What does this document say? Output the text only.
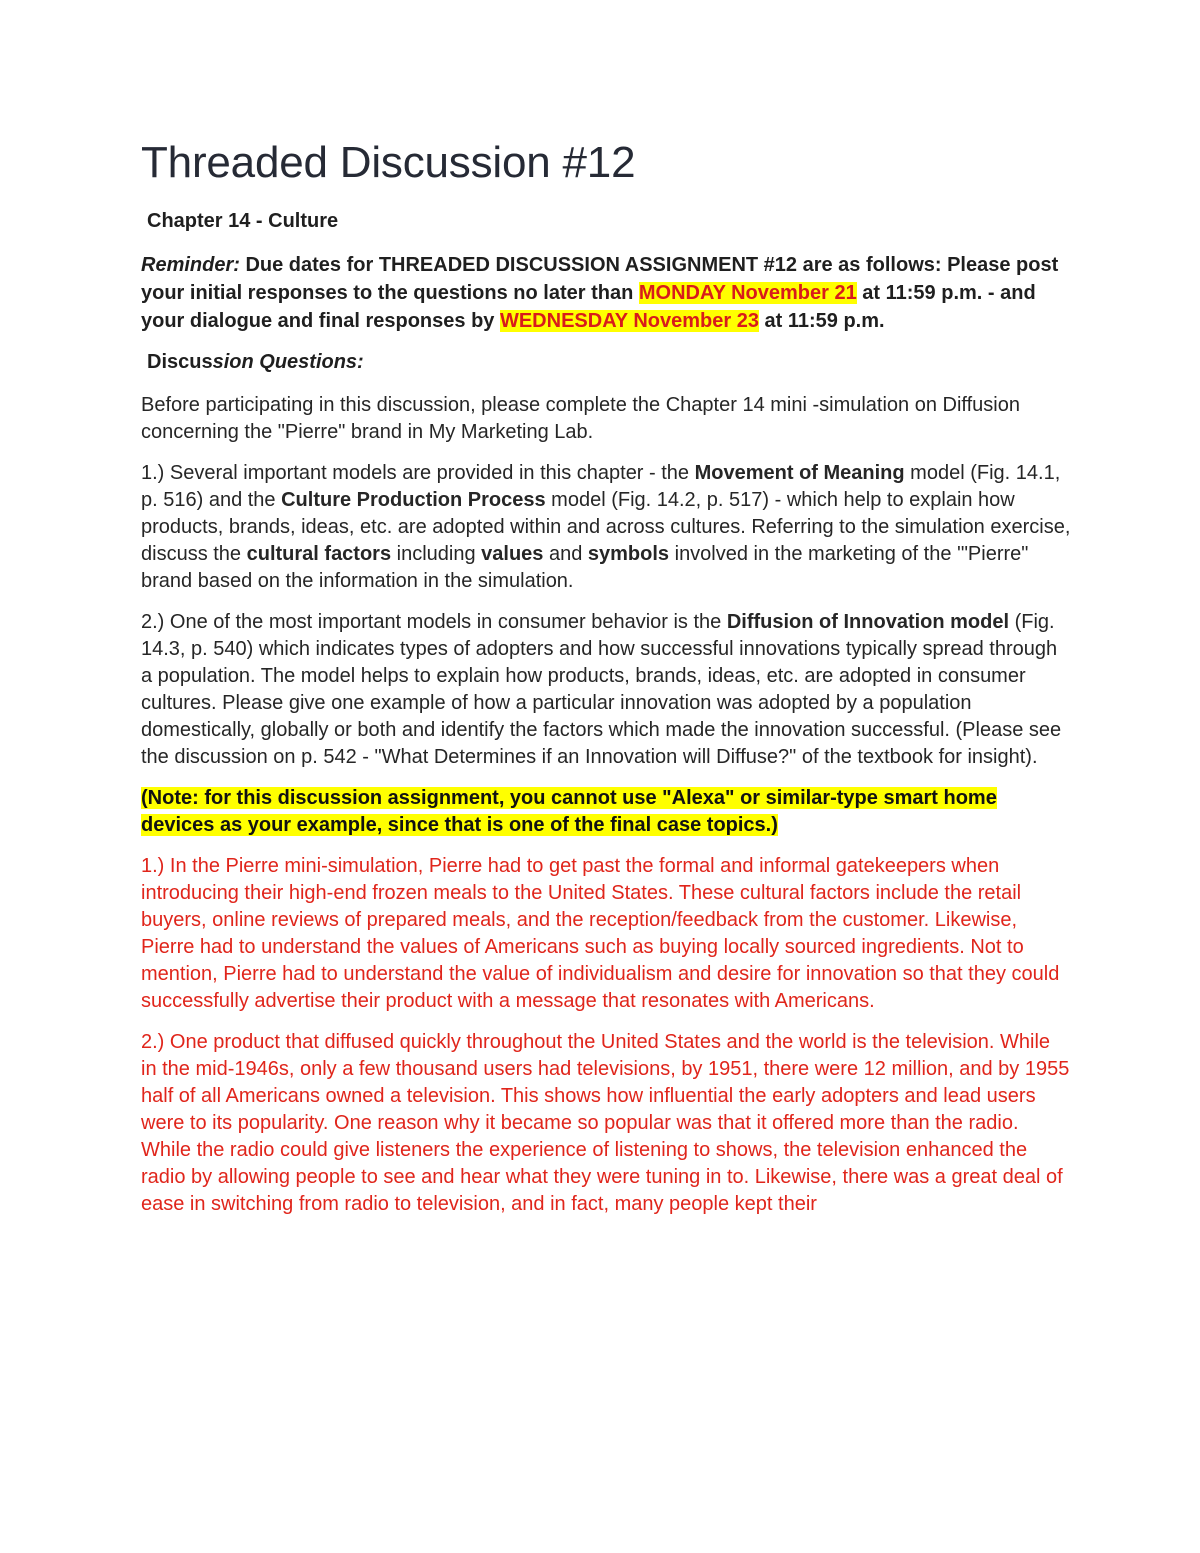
Threaded Discussion #12
Chapter 14 - Culture
Reminder: Due dates for THREADED DISCUSSION ASSIGNMENT #12 are as follows: Please post your initial responses to the questions no later than MONDAY November 21 at 11:59 p.m. - and your dialogue and final responses by WEDNESDAY November 23 at 11:59 p.m.
Discussion Questions:

Before participating in this discussion, please complete the Chapter 14 mini -simulation on Diffusion concerning the "Pierre" brand in My Marketing Lab.

1.) Several important models are provided in this chapter - the Movement of Meaning model (Fig. 14.1, p. 516) and the Culture Production Process model (Fig. 14.2, p. 517) - which help to explain how products, brands, ideas, etc. are adopted within and across cultures. Referring to the simulation exercise, discuss the cultural factors including values and symbols involved in the marketing of the '"Pierre" brand based on the information in the simulation.

2.) One of the most important models in consumer behavior is the Diffusion of Innovation model (Fig. 14.3, p. 540) which indicates types of adopters and how successful innovations typically spread through a population. The model helps to explain how products, brands, ideas, etc. are adopted in consumer cultures. Please give one example of how a particular innovation was adopted by a population domestically, globally or both and identify the factors which made the innovation successful. (Please see the discussion on p. 542 - "What Determines if an Innovation will Diffuse?" of the textbook for insight).

(Note: for this discussion assignment, you cannot use "Alexa" or similar-type smart home devices as your example, since that is one of the final case topics.)

1.) In the Pierre mini-simulation, Pierre had to get past the formal and informal gatekeepers when introducing their high-end frozen meals to the United States. These cultural factors include the retail buyers, online reviews of prepared meals, and the reception/feedback from the customer. Likewise, Pierre had to understand the values of Americans such as buying locally sourced ingredients. Not to mention, Pierre had to understand the value of individualism and desire for innovation so that they could successfully advertise their product with a message that resonates with Americans.

2.) One product that diffused quickly throughout the United States and the world is the television. While in the mid-1946s, only a few thousand users had televisions, by 1951, there were 12 million, and by 1955 half of all Americans owned a television. This shows how influential the early adopters and lead users were to its popularity. One reason why it became so popular was that it offered more than the radio. While the radio could give listeners the experience of listening to shows, the television enhanced the radio by allowing people to see and hear what they were tuning in to. Likewise, there was a great deal of ease in switching from radio to television, and in fact, many people kept their
